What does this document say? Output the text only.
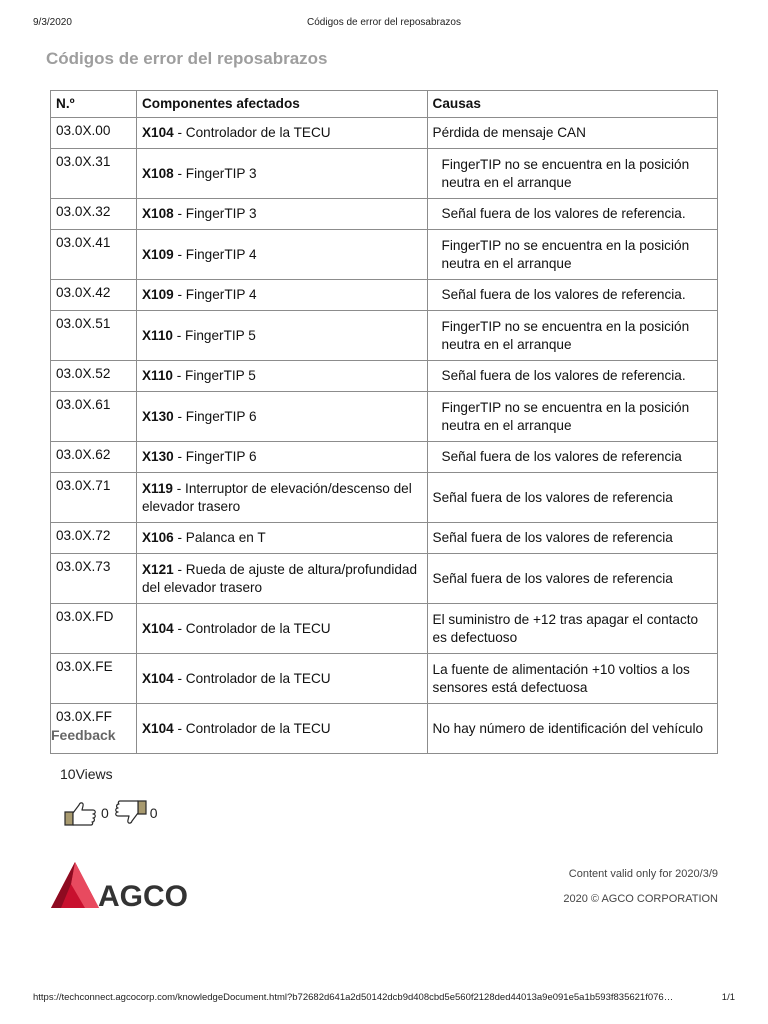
9/3/2020	Códigos de error del reposabrazos
Códigos de error del reposabrazos
N.º	Componentes afectados	Causas
03.0X.00	X104 - Controlador de la TECU	Pérdida de mensaje CAN
03.0X.31	X108 - FingerTIP 3	FingerTIP no se encuentra en la posición neutra en el arranque
03.0X.32	X108 - FingerTIP 3	Señal fuera de los valores de referencia.
03.0X.41	X109 - FingerTIP 4	FingerTIP no se encuentra en la posición neutra en el arranque
03.0X.42	X109 - FingerTIP 4	Señal fuera de los valores de referencia.
03.0X.51	X110 - FingerTIP 5	FingerTIP no se encuentra en la posición neutra en el arranque
03.0X.52	X110 - FingerTIP 5	Señal fuera de los valores de referencia.
03.0X.61	X130 - FingerTIP 6	FingerTIP no se encuentra en la posición neutra en el arranque
03.0X.62	X130 - FingerTIP 6	Señal fuera de los valores de referencia
03.0X.71	X119 - Interruptor de elevación/descenso del elevador trasero	Señal fuera de los valores de referencia
03.0X.72	X106 - Palanca en T	Señal fuera de los valores de referencia
03.0X.73	X121 - Rueda de ajuste de altura/profundidad del elevador trasero	Señal fuera de los valores de referencia
03.0X.FD	X104 - Controlador de la TECU	El suministro de +12 tras apagar el contacto es defectuoso
03.0X.FE	X104 - Controlador de la TECU	La fuente de alimentación +10 voltios a los sensores está defectuosa
03.0X.FF	X104 - Controlador de la TECU	No hay número de identificación del vehículo
Feedback
10Views
0	0
AGCO
Content valid only for 2020/3/9
2020 © AGCO CORPORATION
https://techconnect.agcocorp.com/knowledgeDocument.html?b72682d641a2d50142dcb9d408cbd5e560f2128ded44013a9e091e5a1b593f835621f076…	1/1
